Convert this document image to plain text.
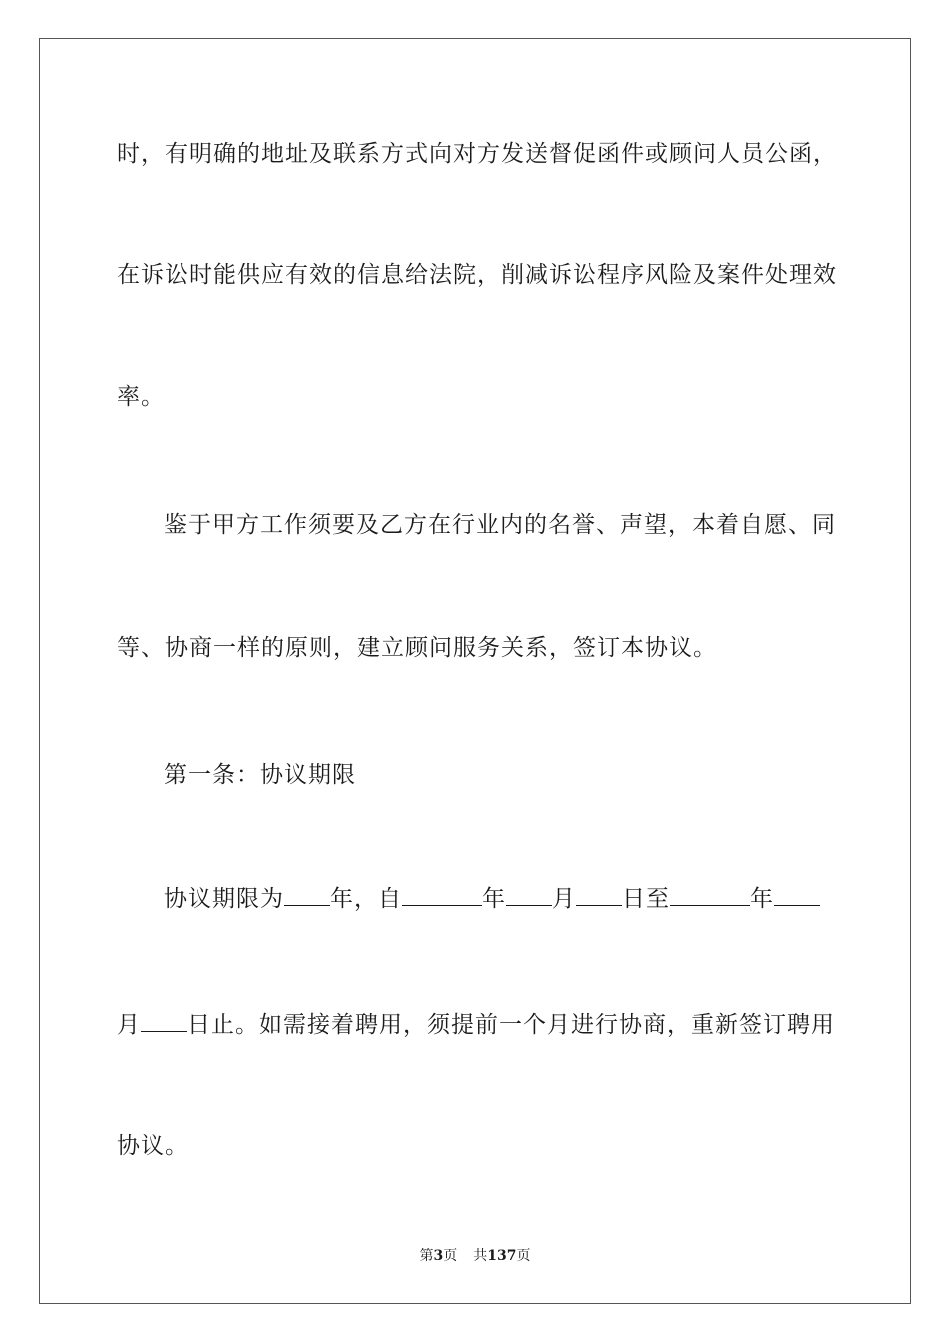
时，有明确的地址及联系方式向对方发送督促函件或顾问人员公函，
在诉讼时能供应有效的信息给法院，削减诉讼程序风险及案件处理效
率。
鉴于甲方工作须要及乙方在行业内的名誉、声望，本着自愿、同
等、协商一样的原则，建立顾问服务关系，签订本协议。
第一条：协议期限
协议期限为 年，自	年 月 日至	年
月 日止。如需接着聘用，须提前一个月进行协商，重新签订聘用
协议。
第3页 共137页
